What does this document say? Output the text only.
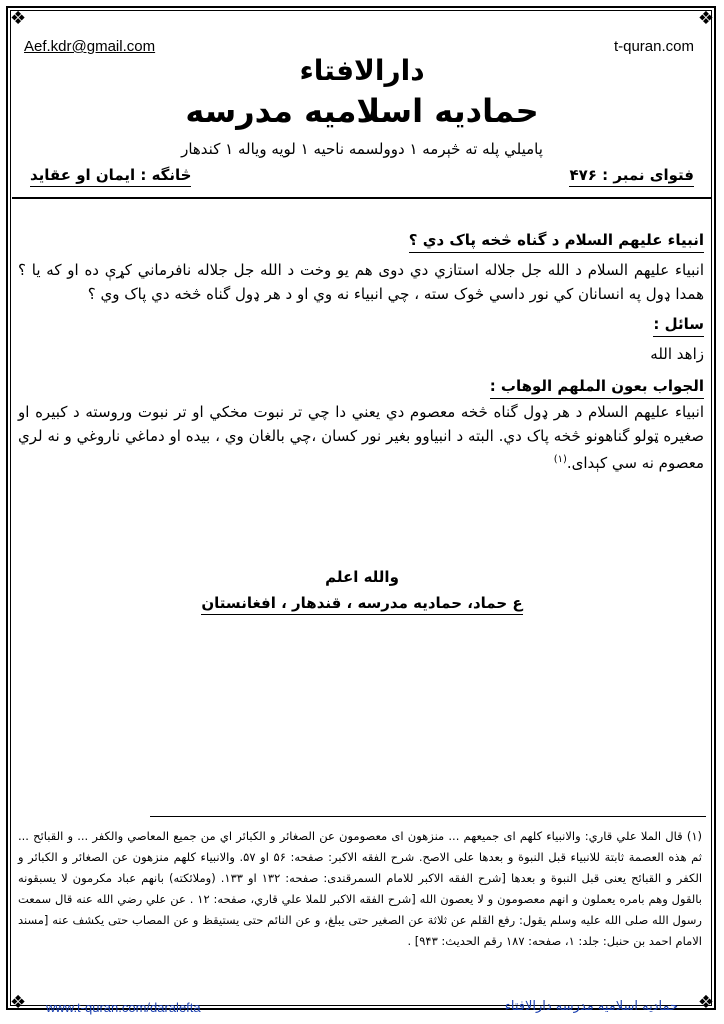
❖	❖
❖	❖
Aef.kdr@gmail.com	t-quran.com
دارالافتاء
حمادیه اسلامیه مدرسه
پامیلي پله ته څېرمه ۱ دوولسمه ناحیه ۱ لویه ویاله ۱ کندهار
فتوای نمبر : ۴۷۶
څانگه : ایمان او عقاید
انبیاء علیهم السلام د گناه څخه پاک دي ؟
انبیاء علیهم السلام د الله جل جلاله استازي دي دوی هم یو وخت د الله جل جلاله نافرماني کړې ده او که یا ؟ همدا ډول په انسانان کي نور داسي څوک سته ، چي انبیاء نه وي او د هر ډول گناه څخه دي پاک وي ؟
سائل :
زاهد الله
الجواب بعون الملهم الوهاب :
انبیاء علیهم السلام د هر ډول گناه څخه معصوم دي یعني دا چي تر نبوت مخکي او تر نبوت وروسته د کبیره او صغیره ټولو گناهونو څخه پاک دي. البته د انبیاوو بغیر نور کسان ،چي بالغان وي ، بیده او دماغي ناروغي و نه لري معصوم نه سي کېدای.$^{(۱)}$
والله اعلم
ع حماد، حمادیه مدرسه ، قندهار ، افغانستان
(۱) قال الملا علي قاري: والانبياء كلهم اى جميعهم ... منزهون اى معصومون عن الصغائر و الكبائر اي من جميع المعاصي والكفر ... و القبائح ... ثم هذه العصمة ثابتة للانبياء قبل النبوة و بعدها على الاصح. شرح الفقه الاكبر: صفحه: ۵۶ او ۵۷. والانبياء كلهم منزهون عن الصغائر و الكبائر و الكفر و القبائح يعنى قبل النبوة و بعدها [شرح الفقه الاكبر للامام السمرقندى: صفحه: ۱۳۲ او ۱۳۳. (وملائكته) بانهم عباد مكرمون لا يسبقونه بالقول وهم بامره يعملون و انهم معصومون و لا يعصون الله [شرح الفقه الاكبر للملا علي قاري، صفحه: ۱۲ . عن علي رضي الله عنه قال سمعت رسول الله صلى الله عليه وسلم يقول: رفع القلم عن ثلاثة عن الصغير حتى يبلغ، و عن النائم حتى يستيقظ و عن المصاب حتى يكشف عنه [مسند الامام احمد بن حنبل: جلد: ۱، صفحه: ۱۸۷ رقم الحديث: ۹۴۳] .
www.t-quran.com/daralefta	حمادیه اسلامیه مدرسه دارالافتاء
